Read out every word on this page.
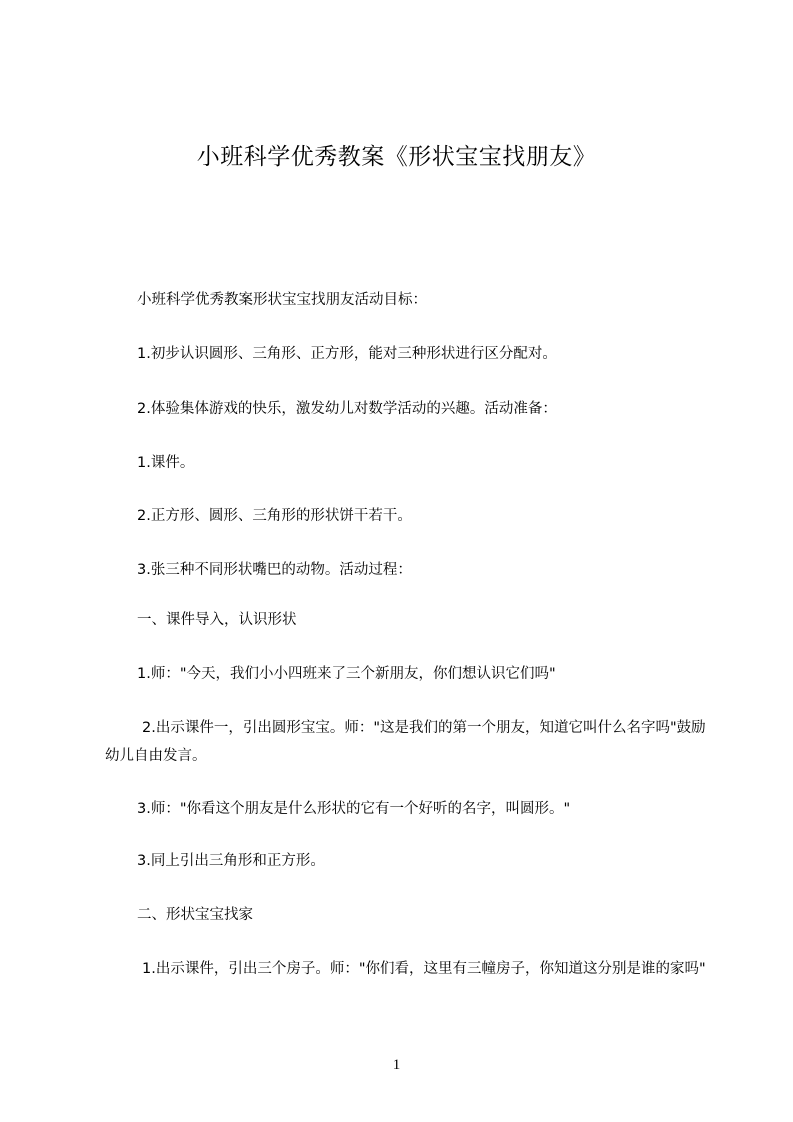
小班科学优秀教案《形状宝宝找朋友》
小班科学优秀教案形状宝宝找朋友活动目标：
1.初步认识圆形、三角形、正方形，能对三种形状进行区分配对。
2.体验集体游戏的快乐，激发幼儿对数学活动的兴趣。活动准备：
1.课件。
2.正方形、圆形、三角形的形状饼干若干。
3.张三种不同形状嘴巴的动物。活动过程：
一、课件导入，认识形状
1.师："今天，我们小小四班来了三个新朋友，你们想认识它们吗"
2.出示课件一，引出圆形宝宝。师："这是我们的第一个朋友，知道它叫什么名字吗"鼓励幼儿自由发言。
3.师："你看这个朋友是什么形状的它有一个好听的名字，叫圆形。"
3.同上引出三角形和正方形。
二、形状宝宝找家
1.出示课件，引出三个房子。师："你们看，这里有三幢房子，你知道这分别是谁的家吗"
1
